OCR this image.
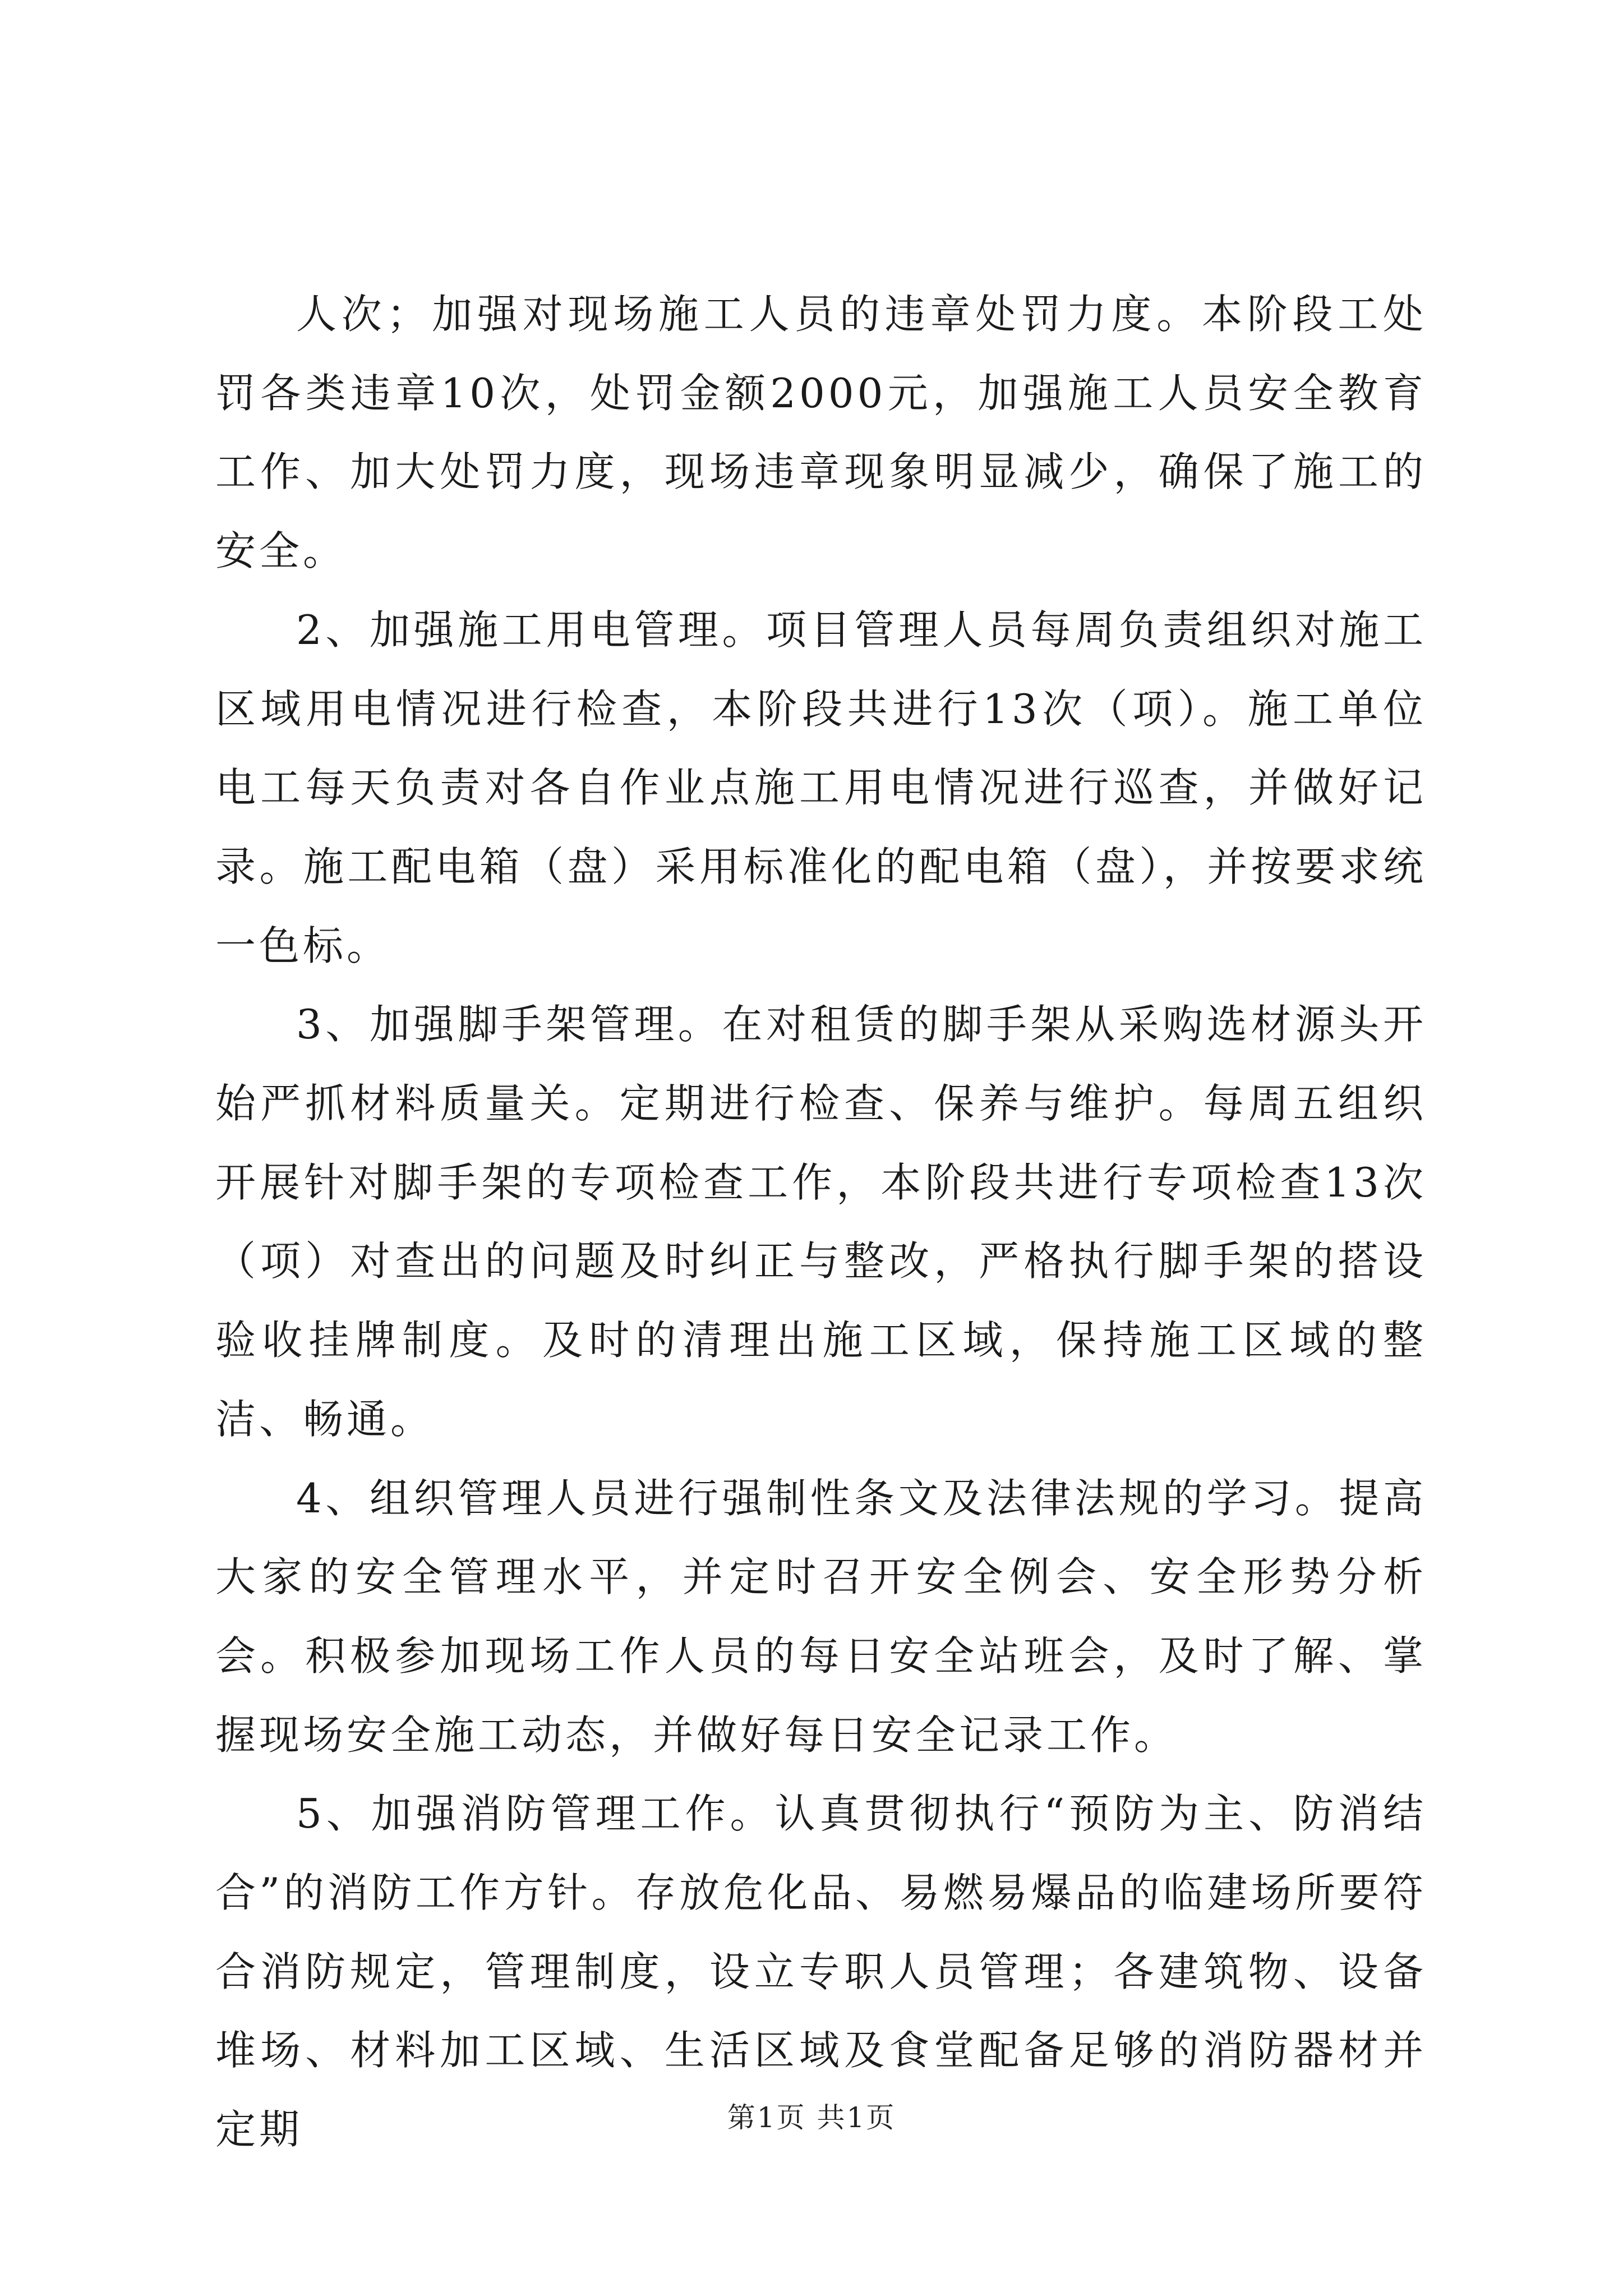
人次；加强对现场施工人员的违章处罚力度。本阶段工处罚各类违章10次，处罚金额2000元，加强施工人员安全教育工作、加大处罚力度，现场违章现象明显减少，确保了施工的安全。

2、加强施工用电管理。项目管理人员每周负责组织对施工区域用电情况进行检查，本阶段共进行13次（项）。施工单位电工每天负责对各自作业点施工用电情况进行巡查，并做好记录。施工配电箱（盘）采用标准化的配电箱（盘），并按要求统一色标。

3、加强脚手架管理。在对租赁的脚手架从采购选材源头开始严抓材料质量关。定期进行检查、保养与维护。每周五组织开展针对脚手架的专项检查工作，本阶段共进行专项检查13次（项）对查出的问题及时纠正与整改，严格执行脚手架的搭设验收挂牌制度。及时的清理出施工区域，保持施工区域的整洁、畅通。

4、组织管理人员进行强制性条文及法律法规的学习。提高大家的安全管理水平，并定时召开安全例会、安全形势分析会。积极参加现场工作人员的每日安全站班会，及时了解、掌握现场安全施工动态，并做好每日安全记录工作。

5、加强消防管理工作。认真贯彻执行“预防为主、防消结合”的消防工作方针。存放危化品、易燃易爆品的临建场所要符合消防规定，管理制度，设立专职人员管理；各建筑物、设备堆场、材料加工区域、生活区域及食堂配备足够的消防器材并定期	第1页 共1页
